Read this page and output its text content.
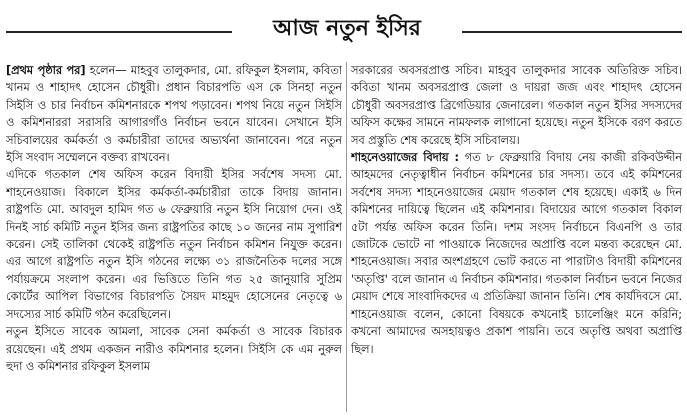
আজ নতুন ইসির

[প্রথম পৃষ্ঠার পর] হলেন— মাহবুব তালুকদার, মো. রফিকুল ইসলাম, কবিতা খানম ও শাহাদৎ হোসেন চৌধুরী। প্রধান বিচারপতি এস কে সিনহা নতুন সিইসি ও চার নির্বাচন কমিশনারকে শপথ পড়াবেন। শপথ নিয়ে নতুন সিইসি ও কমিশনাররা সরাসরি আগারগাঁও নির্বাচন ভবনে যাবেন। সেখানে ইসি সচিবালয়ের কর্মকর্তা ও কর্মচারীরা তাদের অভ্যর্থনা জানাবেন। পরে নতুন ইসি সংবাদ সম্মেলনে বক্তব্য রাখবেন।

এদিকে গতকাল শেষ অফিস করেন বিদায়ী ইসির সর্বশেষ সদস্য মো. শাহনেওয়াজ। বিকালে ইসির কর্মকর্তা-কর্মচারীরা তাকে বিদায় জানান। রাষ্ট্রপতি মো. আবদুল হামিদ গত ৬ ফেব্রুয়ারি নতুন ইসি নিয়োগ দেন। ওই দিনই সার্চ কমিটি নতুন ইসির জন্য রাষ্ট্রপতির কাছে ১০ জনের নাম সুপারিশ করেন। সেই তালিকা থেকেই রাষ্ট্রপতি নতুন নির্বাচন কমিশন নিযুক্ত করেন। এর আগে রাষ্ট্রপতি নতুন ইসি গঠনের লক্ষ্যে ৩১ রাজনৈতিক দলের সঙ্গে পর্যায়ক্রমে সংলাপ করেন। এর ভিত্তিতে তিনি গত ২৫ জানুয়ারি সুপ্রিম কোর্টের আপিল বিভাগের বিচারপতি সৈয়দ মাহমুদ হোসেনের নেতৃত্বে ৬ সদস্যের সার্চ কমিটি গঠন করেছিলেন।

নতুন ইসিতে সাবেক আমলা, সাবেক সেনা কর্মকর্তা ও সাবেক বিচারক রয়েছেন। এই প্রথম একজন নারীও কমিশনার হলেন। সিইসি কে এম নুরুল হুদা ও কমিশনার রফিকুল ইসলাম

সরকারের অবসরপ্রাপ্ত সচিব। মাহবুব তালুকদার সাবেক অতিরিক্ত সচিব। কবিতা খানম অবসরপ্রাপ্ত জেলা ও দায়রা জজ এবং শাহাদৎ হোসেন চৌধুরী অবসরপ্রাপ্ত ব্রিগেডিয়ার জেনারেল। গতকাল নতুন ইসির সদস্যদের অফিস কক্ষের সামনে নামফলক লাগানো হয়েছে। নতুন ইসিকে বরণ করতে সব প্রস্তুতি শেষ করেছে ইসি সচিবালয়।

শাহনেওয়াজের বিদায় : গত ৮ ফেব্রুয়ারি বিদায় নেয় কাজী রকিবউদ্দীন আহমদের নেতৃত্বাধীন নির্বাচন কমিশনের চার সদস্য। তবে এই কমিশনের সর্বশেষ সদস্য শাহনেওয়াজের মেয়াদ গতকাল শেষ হয়েছে। একাই ৬ দিন কমিশনের দায়িত্বে ছিলেন এই কমিশনার। বিদায়ের আগে গতকাল বিকাল ৫টা পর্যন্ত অফিস করেন তিনি। দশম সংসদ নির্বাচনে বিএনপি ও তার জোটকে ভোটে না পাওয়াকে নিজেদের অপ্রাপ্তি বলে মন্তব্য করেছেন মো. শাহনেওয়াজ। সবার অংশগ্রহণে ভোট করতে না পারাটাও বিদায়ী কমিশনের 'অতৃপ্তি' বলে জানান এ নির্বাচন কমিশনার। গতকাল নির্বাচন ভবনে নিজের মেয়াদ শেষে সাংবাদিকদের এ প্রতিক্রিয়া জানান তিনি। শেষ কার্যদিবসে মো. শাহনেওয়াজ বলেন, কোনো বিষয়কে কখনোই চ্যালেঞ্জিং মনে করিনি; কখনো আমাদের অসহায়ত্বও প্রকাশ পায়নি। তবে অতৃপ্তি অথবা অপ্রাপ্তি ছিল।
